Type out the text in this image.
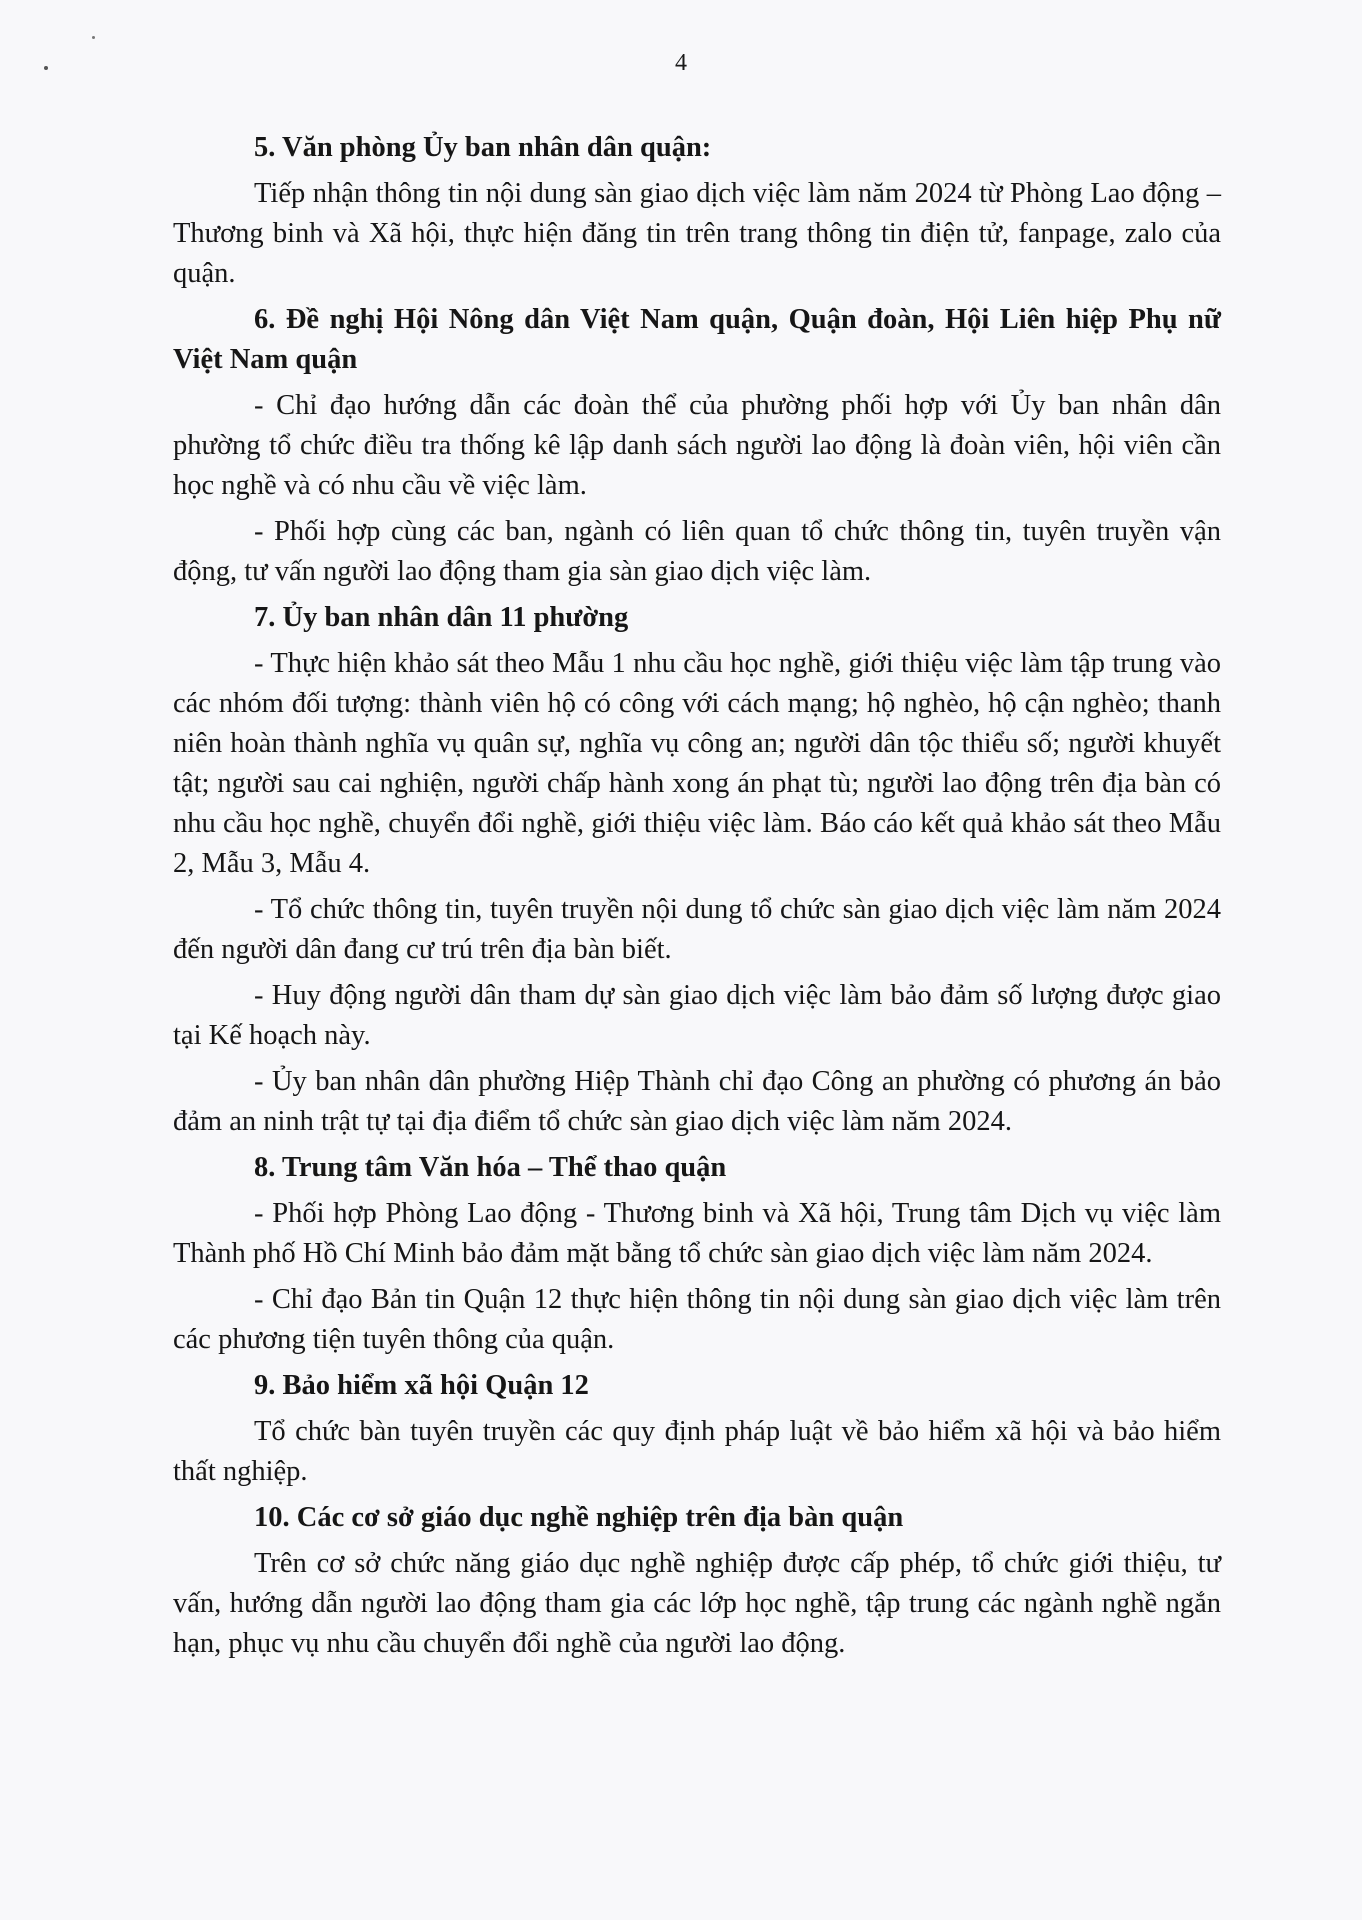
4

5. Văn phòng Ủy ban nhân dân quận:

Tiếp nhận thông tin nội dung sàn giao dịch việc làm năm 2024 từ Phòng Lao động – Thương binh và Xã hội, thực hiện đăng tin trên trang thông tin điện tử, fanpage, zalo của quận.

6. Đề nghị Hội Nông dân Việt Nam quận, Quận đoàn, Hội Liên hiệp Phụ nữ Việt Nam quận

- Chỉ đạo hướng dẫn các đoàn thể của phường phối hợp với Ủy ban nhân dân phường tổ chức điều tra thống kê lập danh sách người lao động là đoàn viên, hội viên cần học nghề và có nhu cầu về việc làm.

- Phối hợp cùng các ban, ngành có liên quan tổ chức thông tin, tuyên truyền vận động, tư vấn người lao động tham gia sàn giao dịch việc làm.

7. Ủy ban nhân dân 11 phường

- Thực hiện khảo sát theo Mẫu 1 nhu cầu học nghề, giới thiệu việc làm tập trung vào các nhóm đối tượng: thành viên hộ có công với cách mạng; hộ nghèo, hộ cận nghèo; thanh niên hoàn thành nghĩa vụ quân sự, nghĩa vụ công an; người dân tộc thiểu số; người khuyết tật; người sau cai nghiện, người chấp hành xong án phạt tù; người lao động trên địa bàn có nhu cầu học nghề, chuyển đổi nghề, giới thiệu việc làm. Báo cáo kết quả khảo sát theo Mẫu 2, Mẫu 3, Mẫu 4.

- Tổ chức thông tin, tuyên truyền nội dung tổ chức sàn giao dịch việc làm năm 2024 đến người dân đang cư trú trên địa bàn biết.

- Huy động người dân tham dự sàn giao dịch việc làm bảo đảm số lượng được giao tại Kế hoạch này.

- Ủy ban nhân dân phường Hiệp Thành chỉ đạo Công an phường có phương án bảo đảm an ninh trật tự tại địa điểm tổ chức sàn giao dịch việc làm năm 2024.

8. Trung tâm Văn hóa – Thể thao quận

- Phối hợp Phòng Lao động - Thương binh và Xã hội, Trung tâm Dịch vụ việc làm Thành phố Hồ Chí Minh bảo đảm mặt bằng tổ chức sàn giao dịch việc làm năm 2024.

- Chỉ đạo Bản tin Quận 12 thực hiện thông tin nội dung sàn giao dịch việc làm trên các phương tiện tuyên thông của quận.

9. Bảo hiểm xã hội Quận 12

Tổ chức bàn tuyên truyền các quy định pháp luật về bảo hiểm xã hội và bảo hiểm thất nghiệp.

10. Các cơ sở giáo dục nghề nghiệp trên địa bàn quận

Trên cơ sở chức năng giáo dục nghề nghiệp được cấp phép, tổ chức giới thiệu, tư vấn, hướng dẫn người lao động tham gia các lớp học nghề, tập trung các ngành nghề ngắn hạn, phục vụ nhu cầu chuyển đổi nghề của người lao động.
